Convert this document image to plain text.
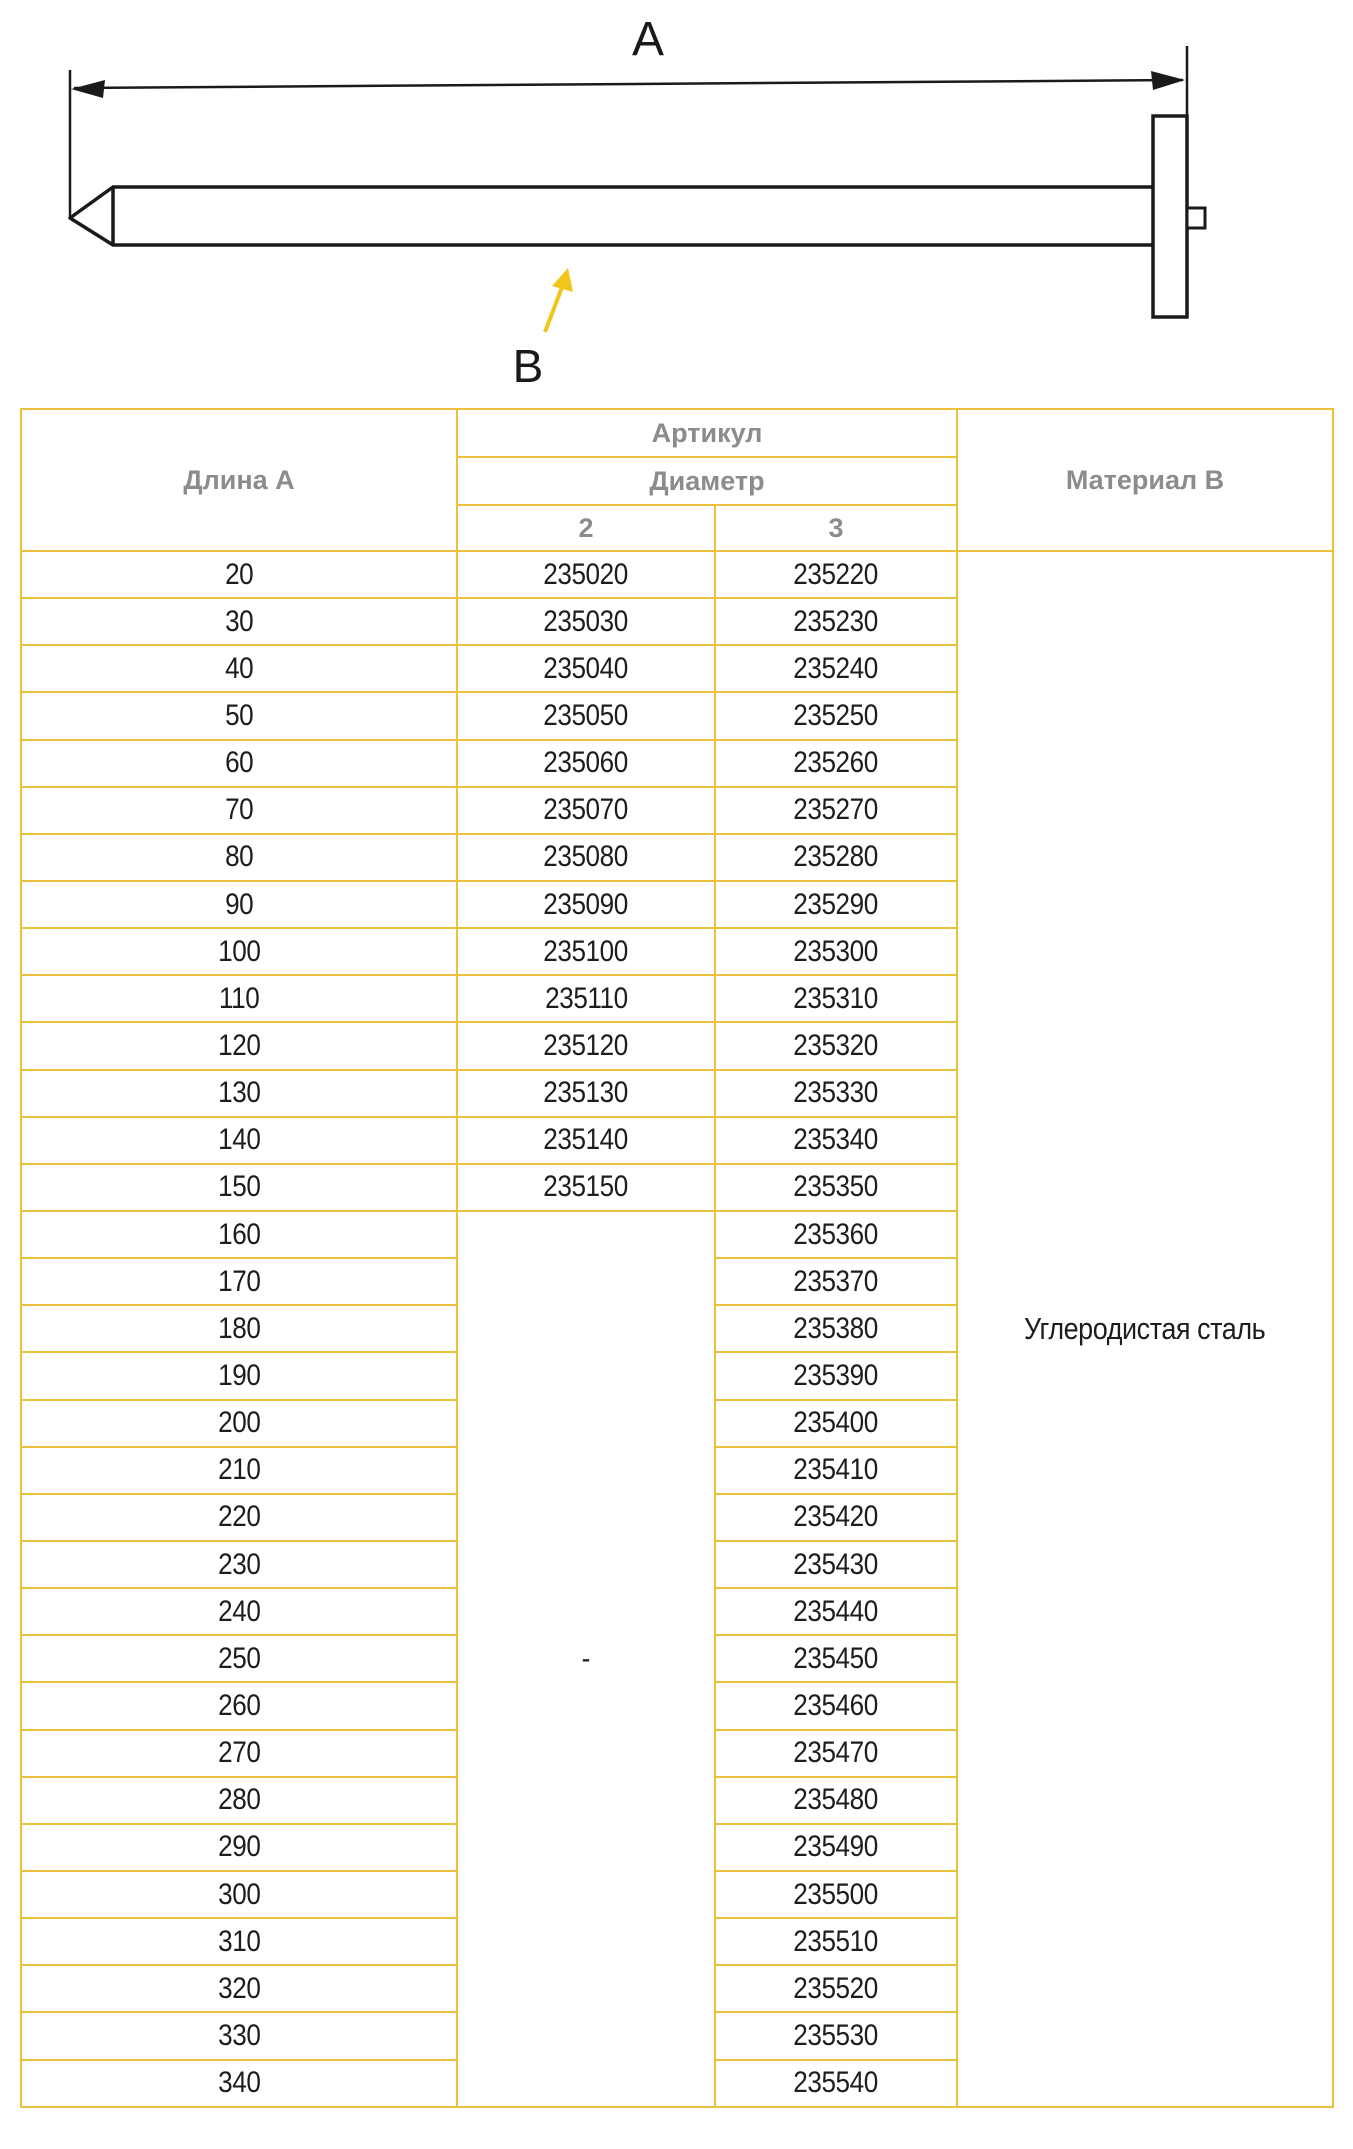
A
B
Длина А	Артикул		Материал В
	Диаметр		
	2	3	
20	235020	235220	Углеродистая сталь
30	235030	235230	
40	235040	235240	
50	235050	235250	
60	235060	235260	
70	235070	235270	
80	235080	235280	
90	235090	235290	
100	235100	235300	
110	235110	235310	
120	235120	235320	
130	235130	235330	
140	235140	235340	
150	235150	235350	
160	-	235360	
170		235370	
180		235380	
190		235390	
200		235400	
210		235410	
220		235420	
230		235430	
240		235440	
250		235450	
260		235460	
270		235470	
280		235480	
290		235490	
300		235500	
310		235510	
320		235520	
330		235530	
340		235540	
